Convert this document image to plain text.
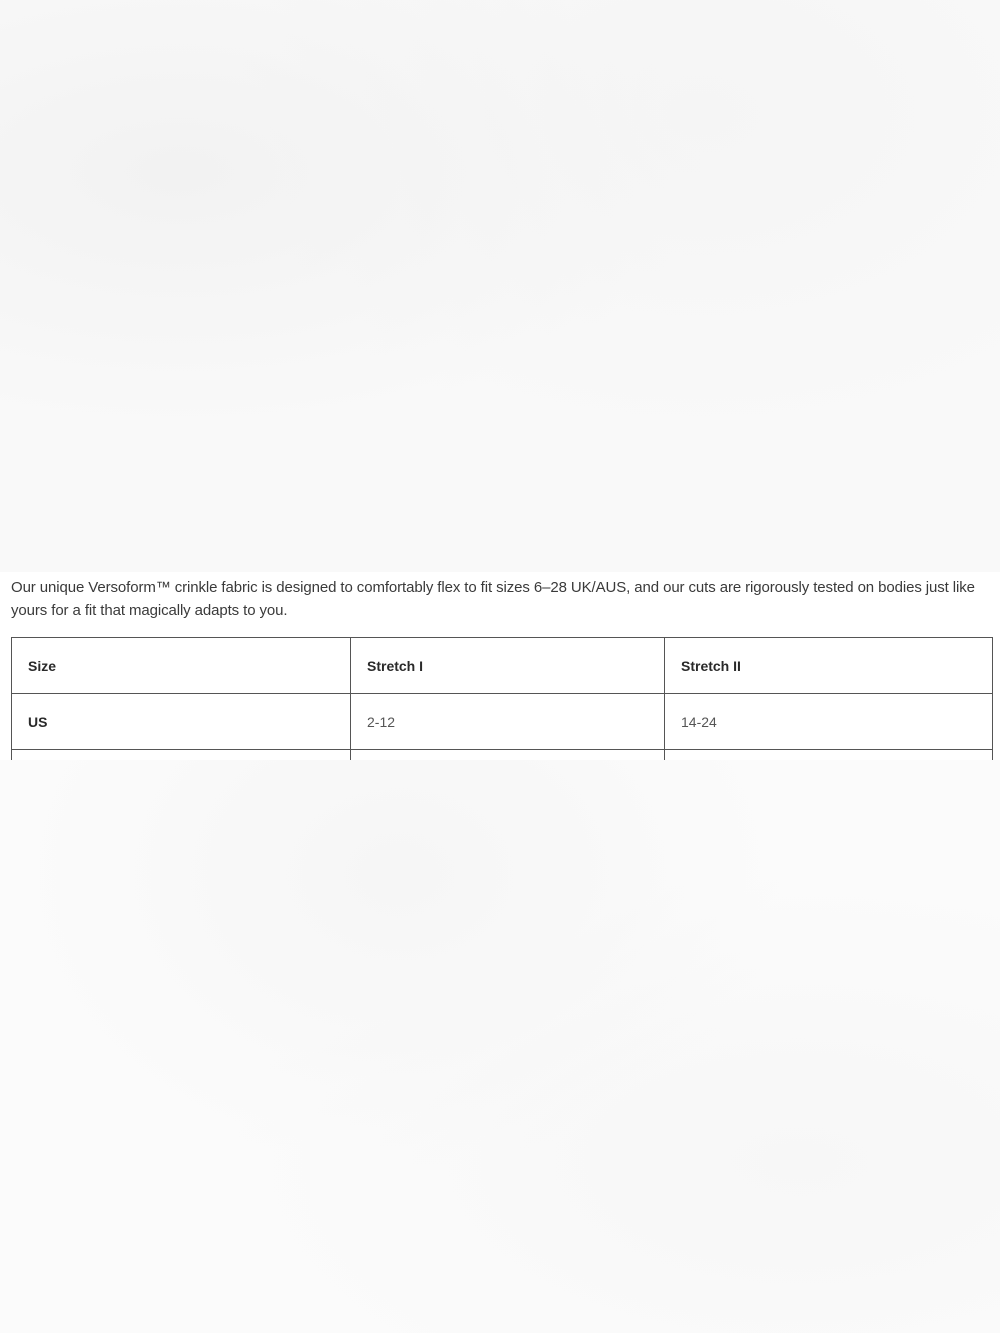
Our unique Versoform™ crinkle fabric is designed to comfortably flex to fit sizes 6–28 UK/AUS, and our cuts are rigorously tested on bodies just like yours for a fit that magically adapts to you.

Size	Stretch I	Stretch II
US	2-12	14-24
